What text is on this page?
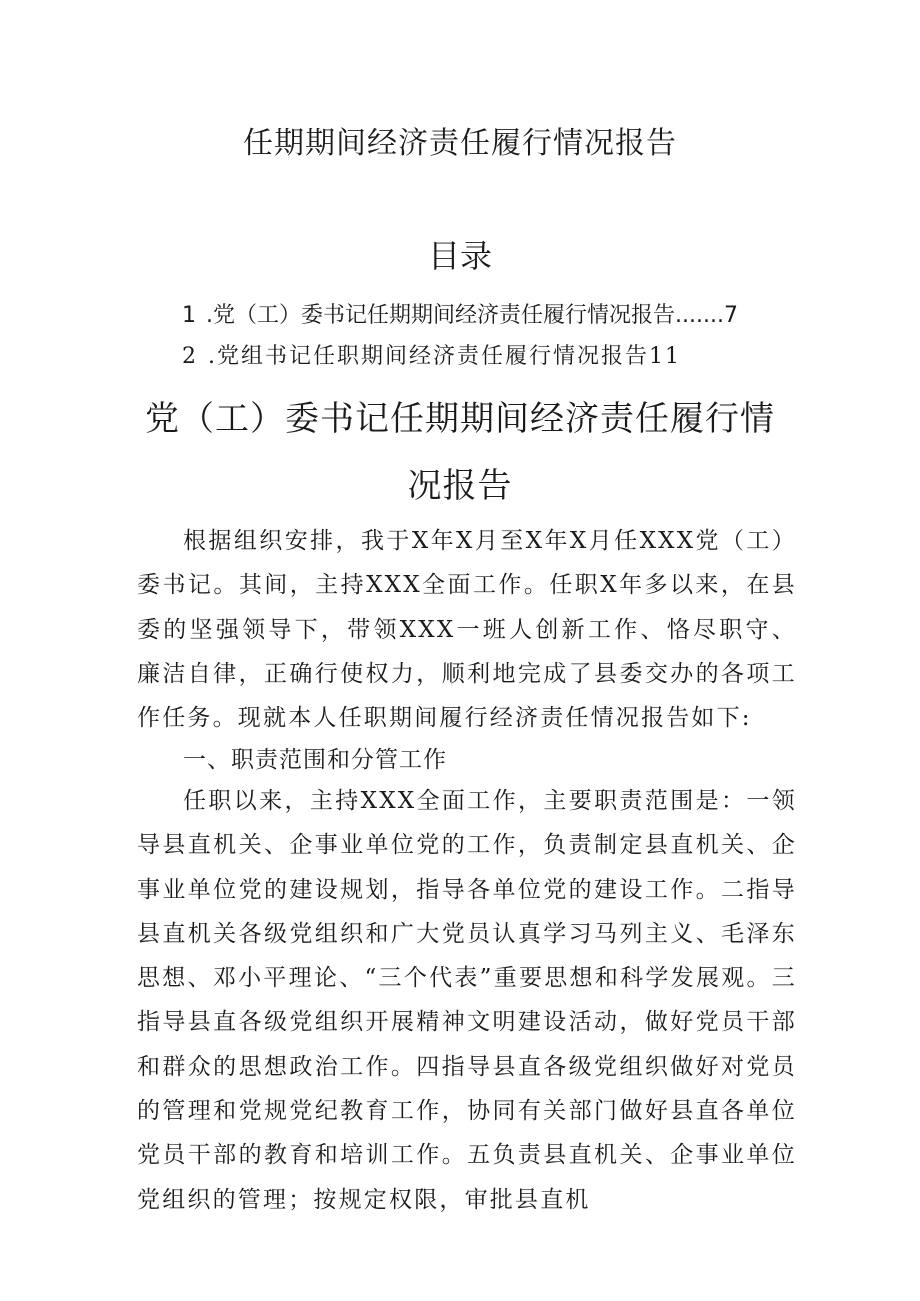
任期期间经济责任履行情况报告
目录
1 .党（工）委书记任期期间经济责任履行情况报告.......7
2 .党组书记任职期间经济责任履行情况报告11
党（工）委书记任期期间经济责任履行情
况报告

根据组织安排，我于X年X月至X年X月任XXX党（工）委书记。其间，主持XXX全面工作。任职X年多以来，在县委的坚强领导下，带领XXX一班人创新工作、恪尽职守、廉洁自律，正确行使权力，顺利地完成了县委交办的各项工作任务。现就本人任职期间履行经济责任情况报告如下:

一、职责范围和分管工作

任职以来，主持XXX全面工作，主要职责范围是：一领导县直机关、企事业单位党的工作，负责制定县直机关、企事业单位党的建设规划，指导各单位党的建设工作。二指导县直机关各级党组织和广大党员认真学习马列主义、毛泽东思想、邓小平理论、“三个代表”重要思想和科学发展观。三指导县直各级党组织开展精神文明建设活动，做好党员干部和群众的思想政治工作。四指导县直各级党组织做好对党员的管理和党规党纪教育工作，协同有关部门做好县直各单位党员干部的教育和培训工作。五负责县直机关、企事业单位党组织的管理；按规定权限，审批县直机
